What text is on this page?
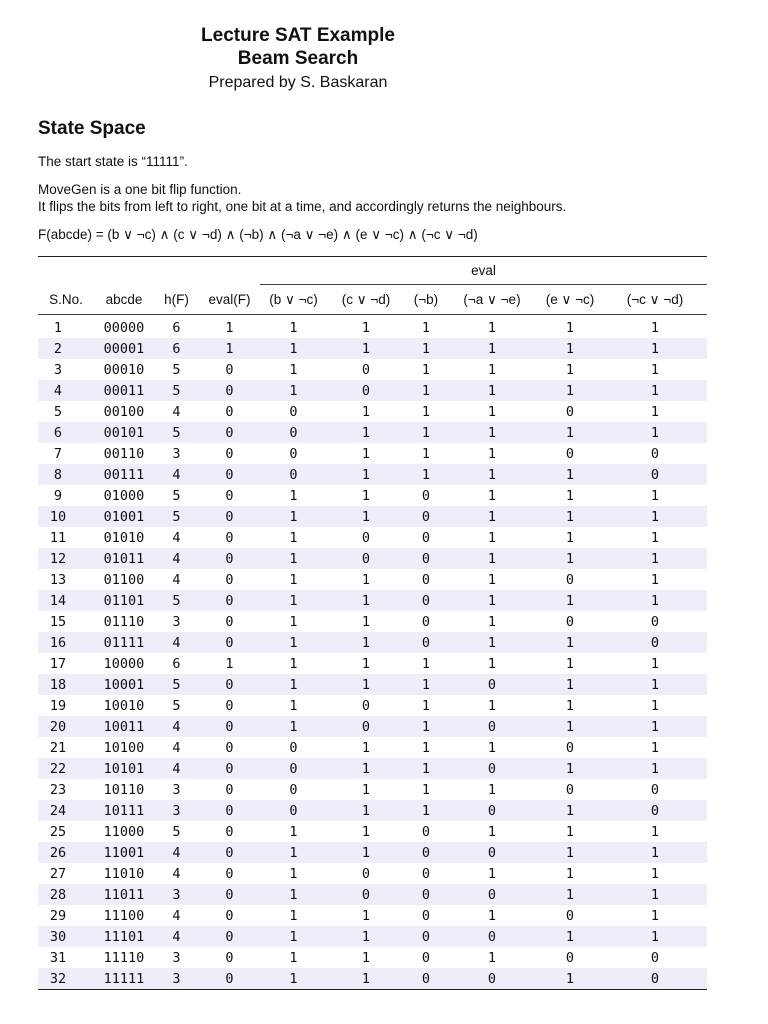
Lecture SAT Example
Beam Search
Prepared by S. Baskaran
State Space
The start state is “11111”.
MoveGen is a one bit flip function.
It flips the bits from left to right, one bit at a time, and accordingly returns the neighbours.
F(abcde) = (b ∨ ¬c) ∧ (c ∨ ¬d) ∧ (¬b) ∧ (¬a ∨ ¬e) ∧ (e ∨ ¬c) ∧ (¬c ∨ ¬d)
				eval					
S.No.	abcde	h(F)	eval(F)	(b ∨ ¬c)	(c ∨ ¬d)	(¬b)	(¬a ∨ ¬e)	(e ∨ ¬c)	(¬c ∨ ¬d)
1	00000	6	1	1	1	1	1	1	1
2	00001	6	1	1	1	1	1	1	1
3	00010	5	0	1	0	1	1	1	1
4	00011	5	0	1	0	1	1	1	1
5	00100	4	0	0	1	1	1	0	1
6	00101	5	0	0	1	1	1	1	1
7	00110	3	0	0	1	1	1	0	0
8	00111	4	0	0	1	1	1	1	0
9	01000	5	0	1	1	0	1	1	1
10	01001	5	0	1	1	0	1	1	1
11	01010	4	0	1	0	0	1	1	1
12	01011	4	0	1	0	0	1	1	1
13	01100	4	0	1	1	0	1	0	1
14	01101	5	0	1	1	0	1	1	1
15	01110	3	0	1	1	0	1	0	0
16	01111	4	0	1	1	0	1	1	0
17	10000	6	1	1	1	1	1	1	1
18	10001	5	0	1	1	1	0	1	1
19	10010	5	0	1	0	1	1	1	1
20	10011	4	0	1	0	1	0	1	1
21	10100	4	0	0	1	1	1	0	1
22	10101	4	0	0	1	1	0	1	1
23	10110	3	0	0	1	1	1	0	0
24	10111	3	0	0	1	1	0	1	0
25	11000	5	0	1	1	0	1	1	1
26	11001	4	0	1	1	0	0	1	1
27	11010	4	0	1	0	0	1	1	1
28	11011	3	0	1	0	0	0	1	1
29	11100	4	0	1	1	0	1	0	1
30	11101	4	0	1	1	0	0	1	1
31	11110	3	0	1	1	0	1	0	0
32	11111	3	0	1	1	0	0	1	0
